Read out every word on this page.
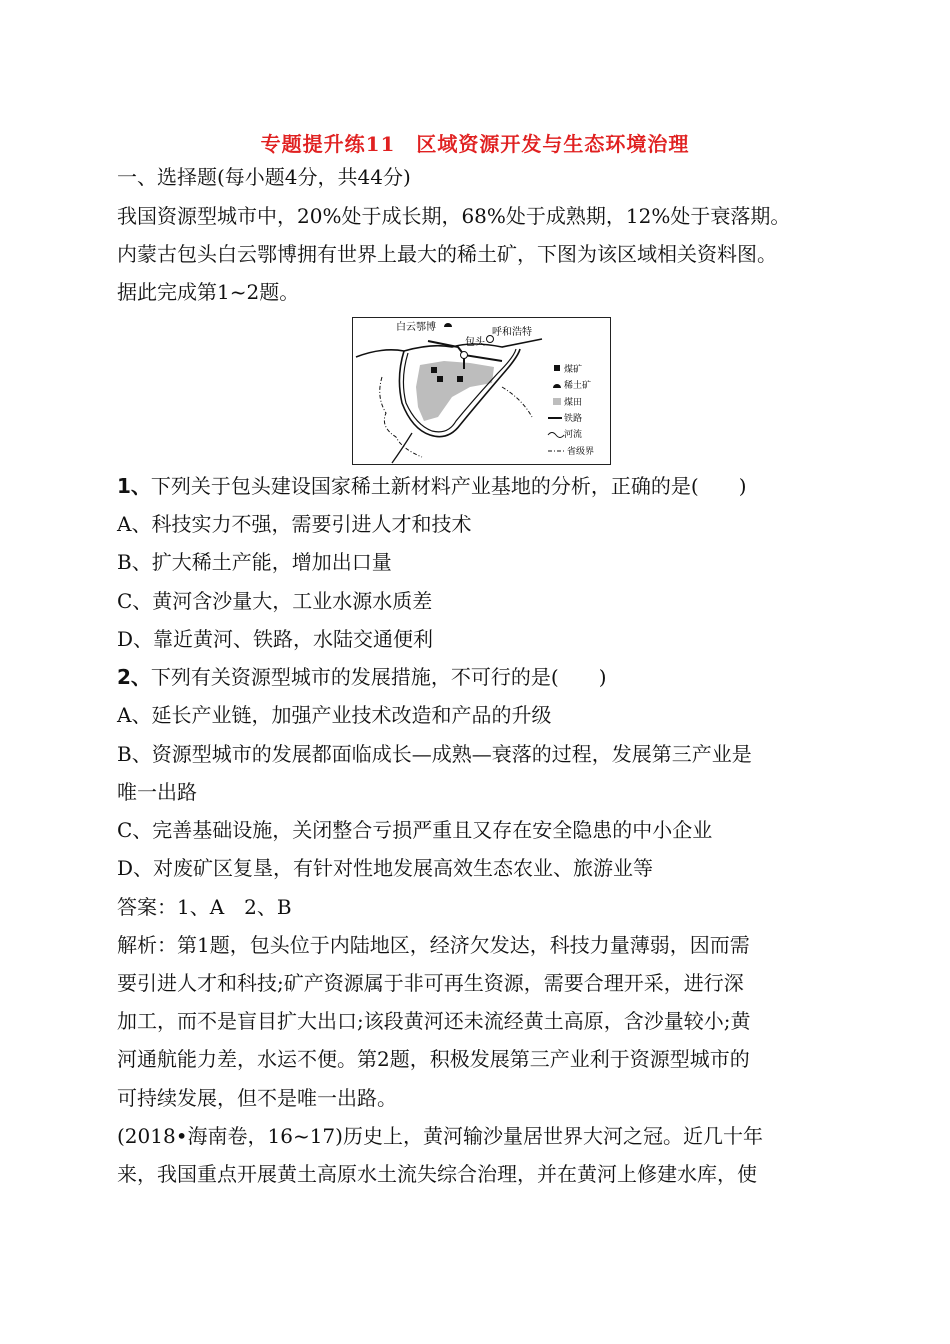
专题提升练11　区域资源开发与生态环境治理
一、选择题(每小题4分，共44分)
我国资源型城市中，20%处于成长期，68%处于成熟期，12%处于衰落期。
内蒙古包头白云鄂博拥有世界上最大的稀土矿，下图为该区域相关资料图。
据此完成第1~2题。
白云鄂博
包头
呼和浩特
煤矿
稀土矿
煤田
铁路
河流
省级界
1、下列关于包头建设国家稀土新材料产业基地的分析，正确的是(　　)
A、科技实力不强，需要引进人才和技术
B、扩大稀土产能，增加出口量
C、黄河含沙量大，工业水源水质差
D、靠近黄河、铁路，水陆交通便利
2、下列有关资源型城市的发展措施，不可行的是(　　)
A、延长产业链，加强产业技术改造和产品的升级
B、资源型城市的发展都面临成长—成熟—衰落的过程，发展第三产业是
唯一出路
C、完善基础设施，关闭整合亏损严重且又存在安全隐患的中小企业
D、对废矿区复垦，有针对性地发展高效生态农业、旅游业等
答案：1、A　2、B
解析：第1题，包头位于内陆地区，经济欠发达，科技力量薄弱，因而需
要引进人才和科技;矿产资源属于非可再生资源，需要合理开采，进行深
加工，而不是盲目扩大出口;该段黄河还未流经黄土高原，含沙量较小;黄
河通航能力差，水运不便。第2题，积极发展第三产业利于资源型城市的
可持续发展，但不是唯一出路。
(2018•海南卷，16~17)历史上，黄河输沙量居世界大河之冠。近几十年
来，我国重点开展黄土高原水土流失综合治理，并在黄河上修建水库，使
